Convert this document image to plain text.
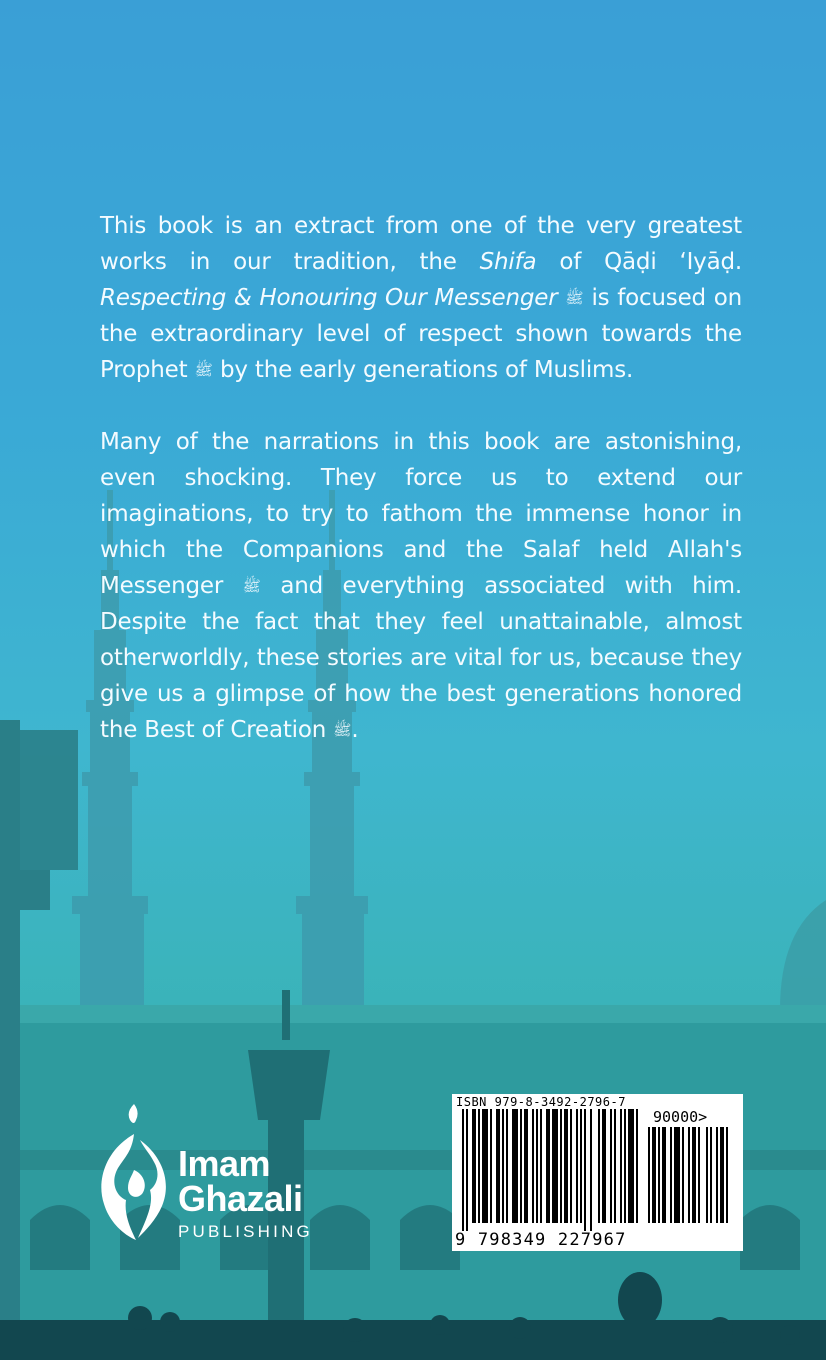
This book is an extract from one of the very greatest works in our tradition, the Shifa of Qāḍi ‘Iyāḍ. Respecting & Honouring Our Messenger ﷺ is focused on the extraordinary level of respect shown towards the Prophet ﷺ by the early generations of Muslims.

Many of the narrations in this book are astonishing, even shocking. They force us to extend our imaginations, to try to fathom the immense honor in which the Companions and the Salaf held Allah's Messenger ﷺ and everything associated with him. Despite the fact that they feel unattainable, almost otherworldly, these stories are vital for us, because they give us a glimpse of how the best generations honored the Best of Creation ﷺ.

Imam
Ghazali
PUBLISHING
ISBN 979-8-3492-2796-7
90000>
9 798349 227967
